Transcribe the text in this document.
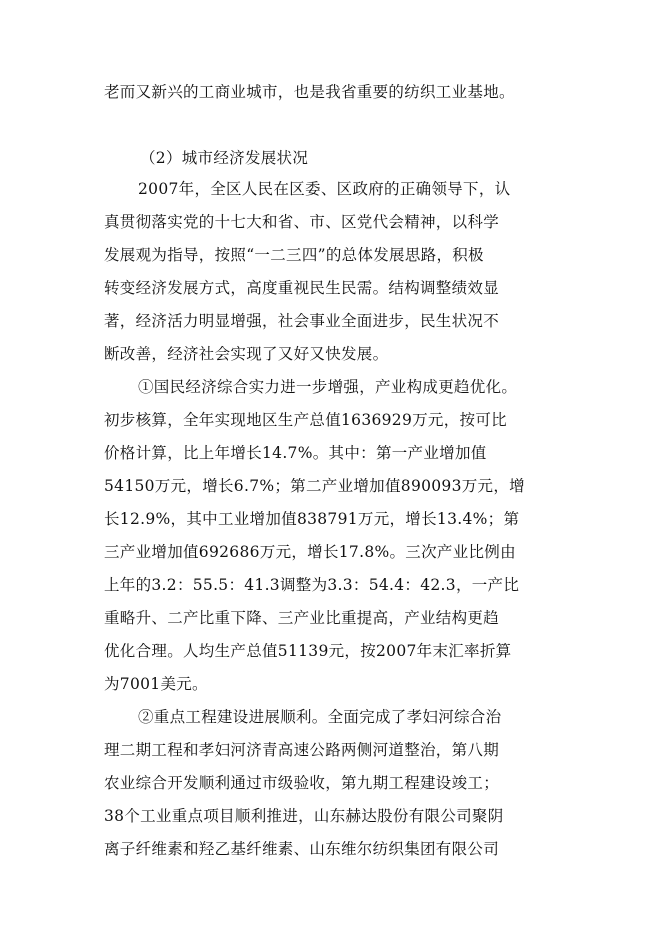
老而又新兴的工商业城市，也是我省重要的纺织工业基地。
（2）城市经济发展状况
2007年，全区人民在区委、区政府的正确领导下，认
真贯彻落实党的十七大和省、市、区党代会精神，以科学
发展观为指导，按照“一二三四”的总体发展思路，积极
转变经济发展方式，高度重视民生民需。结构调整绩效显
著，经济活力明显增强，社会事业全面进步，民生状况不
断改善，经济社会实现了又好又快发展。
①国民经济综合实力进一步增强，产业构成更趋优化。
初步核算，全年实现地区生产总值1636929万元，按可比
价格计算，比上年增长14.7%。其中：第一产业增加值
54150万元，增长6.7%；第二产业增加值890093万元，增
长12.9%，其中工业增加值838791万元，增长13.4%；第
三产业增加值692686万元，增长17.8%。三次产业比例由
上年的3.2：55.5：41.3调整为3.3：54.4：42.3，一产比
重略升、二产比重下降、三产业比重提高，产业结构更趋
优化合理。人均生产总值51139元，按2007年末汇率折算
为7001美元。
②重点工程建设进展顺利。全面完成了孝妇河综合治
理二期工程和孝妇河济青高速公路两侧河道整治，第八期
农业综合开发顺利通过市级验收，第九期工程建设竣工；
38个工业重点项目顺利推进，山东赫达股份有限公司聚阴
离子纤维素和羟乙基纤维素、山东维尔纺织集团有限公司
